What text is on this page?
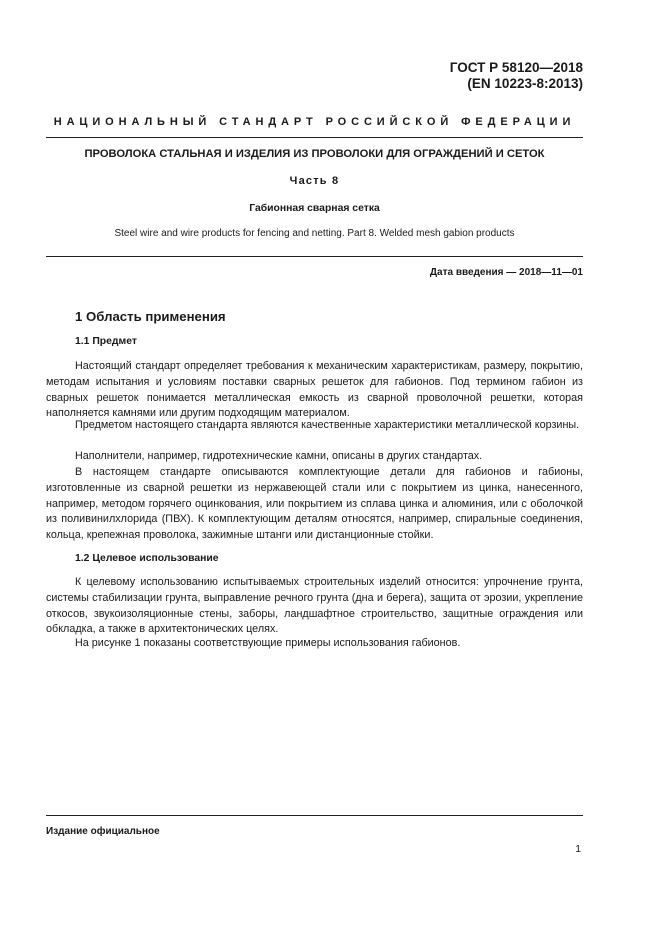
ГОСТ Р 58120—2018
(EN 10223-8:2013)
НАЦИОНАЛЬНЫЙ СТАНДАРТ РОССИЙСКОЙ ФЕДЕРАЦИИ
ПРОВОЛОКА СТАЛЬНАЯ И ИЗДЕЛИЯ ИЗ ПРОВОЛОКИ ДЛЯ ОГРАЖДЕНИЙ И СЕТОК
Часть 8
Габионная сварная сетка
Steel wire and wire products for fencing and netting. Part 8. Welded mesh gabion products
Дата введения — 2018—11—01
1 Область применения
1.1 Предмет

Настоящий стандарт определяет требования к механическим характеристикам, размеру, покрытию, методам испытания и условиям поставки сварных решеток для габионов. Под термином габион из сварных решеток понимается металлическая емкость из сварной проволочной решетки, которая наполняется камнями или другим подходящим материалом.

Предметом настоящего стандарта являются качественные характеристики металлической корзины.

Наполнители, например, гидротехнические камни, описаны в других стандартах.

В настоящем стандарте описываются комплектующие детали для габионов и габионы, изготовленные из сварной решетки из нержавеющей стали или с покрытием из цинка, нанесенного, например, методом горячего оцинкования, или покрытием из сплава цинка и алюминия, или с оболочкой из поливинилхлорида (ПВХ). К комплектующим деталям относятся, например, спиральные соединения, кольца, крепежная проволока, зажимные штанги или дистанционные стойки.

1.2 Целевое использование

К целевому использованию испытываемых строительных изделий относится: упрочнение грунта, системы стабилизации грунта, выправление речного грунта (дна и берега), защита от эрозии, укрепление откосов, звукоизоляционные стены, заборы, ландшафтное строительство, защитные ограждения или обкладка, а также в архитектонических целях.

На рисунке 1 показаны соответствующие примеры использования габионов.

Издание официальное
1
